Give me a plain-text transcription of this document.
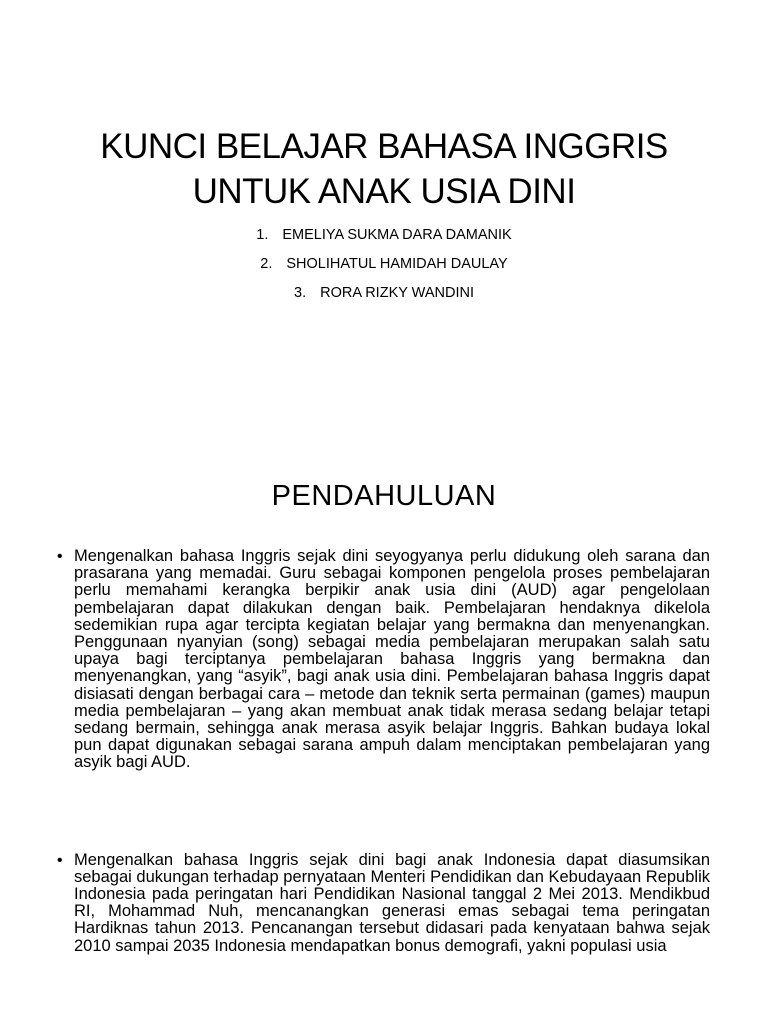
KUNCI BELAJAR BAHASA INGGRIS
UNTUK ANAK USIA DINI
1. EMELIYA SUKMA DARA DAMANIK
2. SHOLIHATUL HAMIDAH DAULAY
3. RORA RIZKY WANDINI
PENDAHULUAN
• Mengenalkan bahasa Inggris sejak dini seyogyanya perlu didukung oleh sarana dan prasarana yang memadai. Guru sebagai komponen pengelola proses pembelajaran perlu memahami kerangka berpikir anak usia dini (AUD) agar pengelolaan pembelajaran dapat dilakukan dengan baik. Pembelajaran hendaknya dikelola sedemikian rupa agar tercipta kegiatan belajar yang bermakna dan menyenangkan. Penggunaan nyanyian (song) sebagai media pembelajaran merupakan salah satu upaya bagi terciptanya pembelajaran bahasa Inggris yang bermakna dan menyenangkan, yang “asyik”, bagi anak usia dini. Pembelajaran bahasa Inggris dapat disiasati dengan berbagai cara – metode dan teknik serta permainan (games) maupun media pembelajaran – yang akan membuat anak tidak merasa sedang belajar tetapi sedang bermain, sehingga anak merasa asyik belajar Inggris. Bahkan budaya lokal pun dapat digunakan sebagai sarana ampuh dalam menciptakan pembelajaran yang asyik bagi AUD.
• Mengenalkan bahasa Inggris sejak dini bagi anak Indonesia dapat diasumsikan sebagai dukungan terhadap pernyataan Menteri Pendidikan dan Kebudayaan Republik Indonesia pada peringatan hari Pendidikan Nasional tanggal 2 Mei 2013. Mendikbud RI, Mohammad Nuh, mencanangkan generasi emas sebagai tema peringatan Hardiknas tahun 2013. Pencanangan tersebut didasari pada kenyataan bahwa sejak 2010 sampai 2035 Indonesia mendapatkan bonus demografi, yakni populasi usia
